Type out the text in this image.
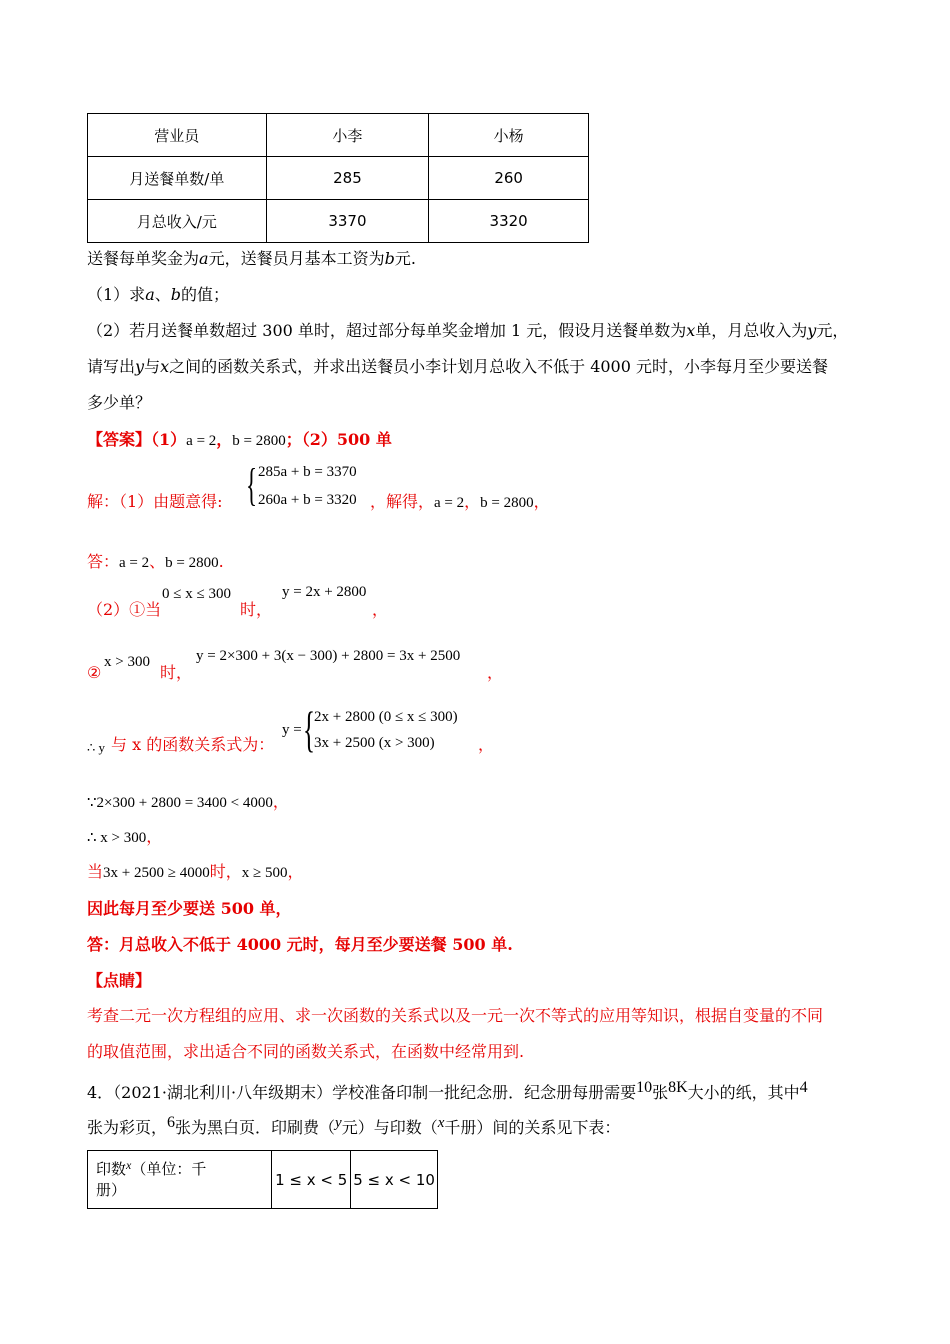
营业员	小李	小杨
月送餐单数/单	285	260
月总收入/元	3370	3320
送餐每单奖金为a元，送餐员月基本工资为b元.
（1）求a、b的值；
（2）若月送餐单数超过 300 单时，超过部分每单奖金增加 1 元，假设月送餐单数为x单，月总收入为y元，
请写出y与x之间的函数关系式，并求出送餐员小李计划月总收入不低于 4000 元时，小李每月至少要送餐
多少单？
【答案】（1）a = 2，b = 2800；（2）500 单
解：（1）由题意得: { 285a + b = 3370
260a + b = 3320 ，解得，a = 2，b = 2800，
答：a = 2、b = 2800.
（2）①当
0 ≤ x ≤ 300
时，
y = 2x + 2800
，
②
x > 300
时，
y = 2×300 + 3(x − 300) + 2800 = 3x + 2500
，
∴ y 与 x 的函数关系式为：
y = { 2x + 2800 (0 ≤ x ≤ 300)
3x + 2500 (x > 300)	，
∵2×300 + 2800 = 3400 < 4000，
∴ x > 300，
当3x + 2500 ≥ 4000时，x ≥ 500，
因此每月至少要送 500 单，
答：月总收入不低于 4000 元时，每月至少要送餐 500 单.
【点睛】
考查二元一次方程组的应用、求一次函数的关系式以及一元一次不等式的应用等知识，根据自变量的不同
的取值范围，求出适合不同的函数关系式，在函数中经常用到.
4．（2021·湖北利川·八年级期末）学校准备印制一批纪念册．纪念册每册需要10张8K大小的纸，其中4
张为彩页，6张为黑白页．印刷费（y元）与印数（x千册）间的关系见下表：
印数$^x$（单位：千
册）	1 ≤ x < 5	5 ≤ x < 10
